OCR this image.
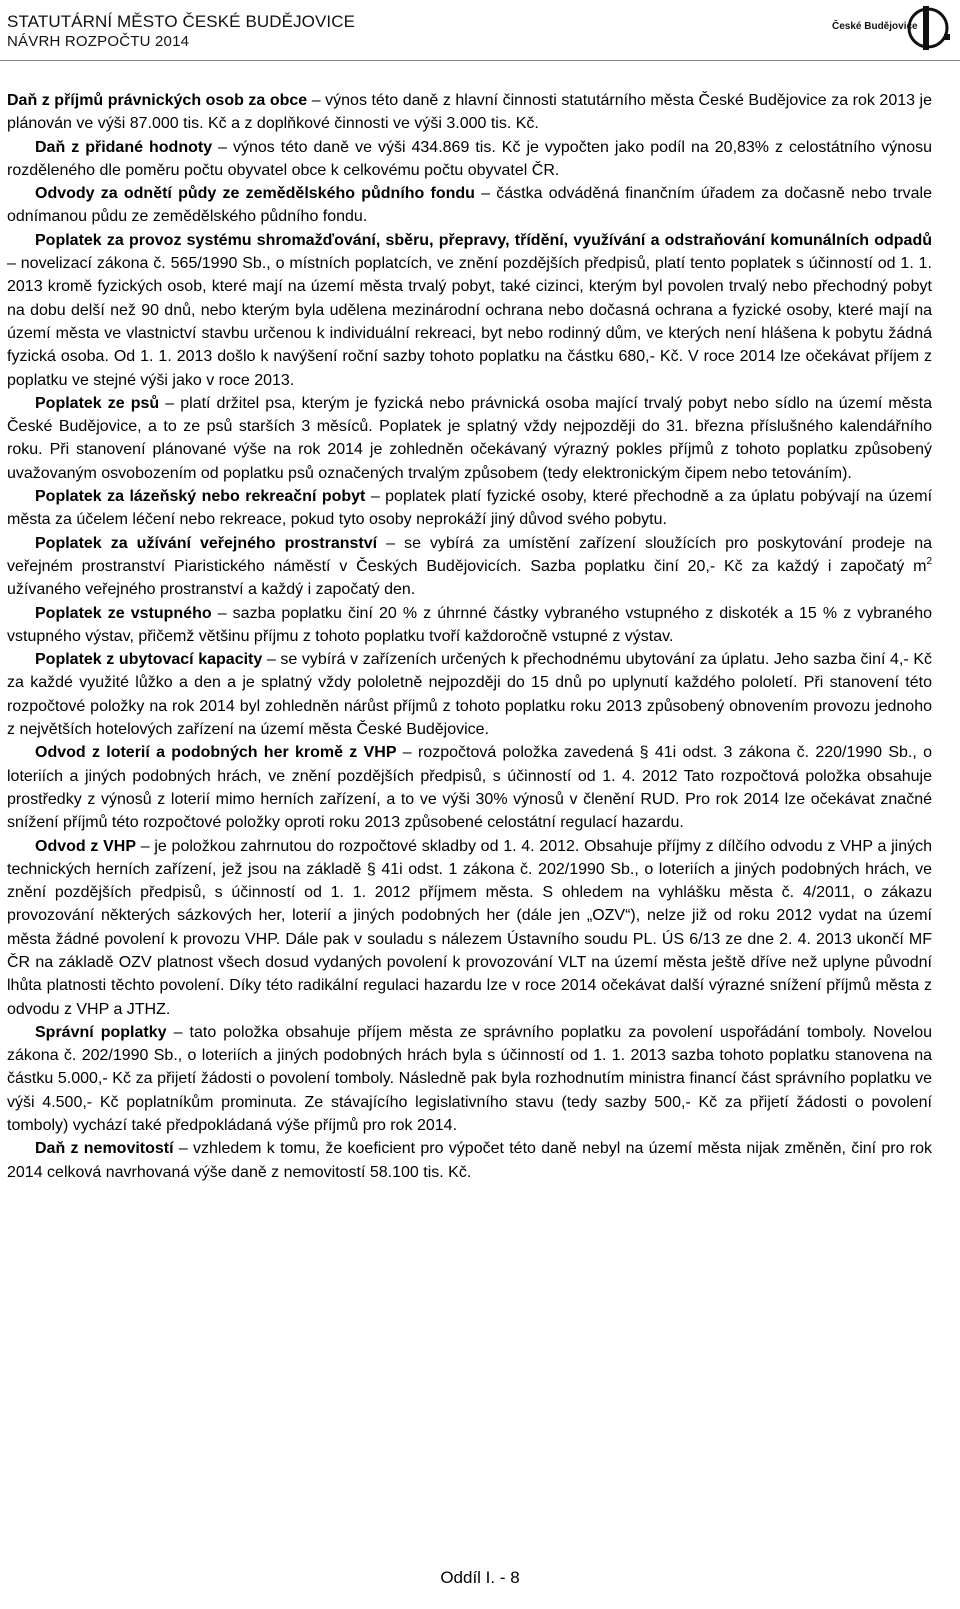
STATUTÁRNÍ MĚSTO ČESKÉ BUDĚJOVICE
NÁVRH ROZPOČTU 2014
České Budějovice

Daň z příjmů právnických osob za obce – výnos této daně z hlavní činnosti statutárního města České Budějovice za rok 2013 je plánován ve výši 87.000 tis. Kč a z doplňkové činnosti ve výši 3.000 tis. Kč.

Daň z přidané hodnoty – výnos této daně ve výši 434.869 tis. Kč je vypočten jako podíl na 20,83% z celostátního výnosu rozděleného dle poměru počtu obyvatel obce k celkovému počtu obyvatel ČR.

Odvody za odnětí půdy ze zemědělského půdního fondu – částka odváděná finančním úřadem za dočasně nebo trvale odnímanou půdu ze zemědělského půdního fondu.

Poplatek za provoz systému shromažďování, sběru, přepravy, třídění, využívání a odstraňování komunálních odpadů – novelizací zákona č. 565/1990 Sb., o místních poplatcích, ve znění pozdějších předpisů, platí tento poplatek s účinností od 1. 1. 2013 kromě fyzických osob, které mají na území města trvalý pobyt, také cizinci, kterým byl povolen trvalý nebo přechodný pobyt na dobu delší než 90 dnů, nebo kterým byla udělena mezinárodní ochrana nebo dočasná ochrana a fyzické osoby, které mají na území města ve vlastnictví stavbu určenou k individuální rekreaci, byt nebo rodinný dům, ve kterých není hlášena k pobytu žádná fyzická osoba. Od 1. 1. 2013 došlo k navýšení roční sazby tohoto poplatku na částku 680,- Kč. V roce 2014 lze očekávat příjem z poplatku ve stejné výši jako v roce 2013.

Poplatek ze psů – platí držitel psa, kterým je fyzická nebo právnická osoba mající trvalý pobyt nebo sídlo na území města České Budějovice, a to ze psů starších 3 měsíců. Poplatek je splatný vždy nejpozději do 31. března příslušného kalendářního roku. Při stanovení plánované výše na rok 2014 je zohledněn očekávaný výrazný pokles příjmů z tohoto poplatku způsobený uvažovaným osvobozením od poplatku psů označených trvalým způsobem (tedy elektronickým čipem nebo tetováním).

Poplatek za lázeňský nebo rekreační pobyt – poplatek platí fyzické osoby, které přechodně a za úplatu pobývají na území města za účelem léčení nebo rekreace, pokud tyto osoby neprokáží jiný důvod svého pobytu.

Poplatek za užívání veřejného prostranství – se vybírá za umístění zařízení sloužících pro poskytování prodeje na veřejném prostranství Piaristického náměstí v Českých Budějovicích. Sazba poplatku činí 20,- Kč za každý i započatý $m^2$ užívaného veřejného prostranství a každý i započatý den.

Poplatek ze vstupného – sazba poplatku činí 20 % z úhrnné částky vybraného vstupného z diskoték a 15 % z vybraného vstupného výstav, přičemž většinu příjmu z tohoto poplatku tvoří každoročně vstupné z výstav.

Poplatek z ubytovací kapacity – se vybírá v zařízeních určených k přechodnému ubytování za úplatu. Jeho sazba činí 4,- Kč za každé využité lůžko a den a je splatný vždy pololetně nejpozději do 15 dnů po uplynutí každého pololetí. Při stanovení této rozpočtové položky na rok 2014 byl zohledněn nárůst příjmů z tohoto poplatku roku 2013 způsobený obnovením provozu jednoho z největších hotelových zařízení na území města České Budějovice.

Odvod z loterií a podobných her kromě z VHP – rozpočtová položka zavedená § 41i odst. 3 zákona č. 220/1990 Sb., o loteriích a jiných podobných hrách, ve znění pozdějších předpisů, s účinností od 1. 4. 2012 Tato rozpočtová položka obsahuje prostředky z výnosů z loterií mimo herních zařízení, a to ve výši 30% výnosů v členění RUD. Pro rok 2014 lze očekávat značné snížení příjmů této rozpočtové položky oproti roku 2013 způsobené celostátní regulací hazardu.

Odvod z VHP – je položkou zahrnutou do rozpočtové skladby od 1. 4. 2012. Obsahuje příjmy z dílčího odvodu z VHP a jiných technických herních zařízení, jež jsou na základě § 41i odst. 1 zákona č. 202/1990 Sb., o loteriích a jiných podobných hrách, ve znění pozdějších předpisů, s účinností od 1. 1. 2012 příjmem města. S ohledem na vyhlášku města č. 4/2011, o zákazu provozování některých sázkových her, loterií a jiných podobných her (dále jen „OZV“), nelze již od roku 2012 vydat na území města žádné povolení k provozu VHP. Dále pak v souladu s nálezem Ústavního soudu PL. ÚS 6/13 ze dne 2. 4. 2013 ukončí MF ČR na základě OZV platnost všech dosud vydaných povolení k provozování VLT na území města ještě dříve než uplyne původní lhůta platnosti těchto povolení. Díky této radikální regulaci hazardu lze v roce 2014 očekávat další výrazné snížení příjmů města z odvodu z VHP a JTHZ.

Správní poplatky – tato položka obsahuje příjem města ze správního poplatku za povolení uspořádání tomboly. Novelou zákona č. 202/1990 Sb., o loteriích a jiných podobných hrách byla s účinností od 1. 1. 2013 sazba tohoto poplatku stanovena na částku 5.000,- Kč za přijetí žádosti o povolení tomboly. Následně pak byla rozhodnutím ministra financí část správního poplatku ve výši 4.500,- Kč poplatníkům prominuta. Ze stávajícího legislativního stavu (tedy sazby 500,- Kč za přijetí žádosti o povolení tomboly) vychází také předpokládaná výše příjmů pro rok 2014.

Daň z nemovitostí – vzhledem k tomu, že koeficient pro výpočet této daně nebyl na území města nijak změněn, činí pro rok 2014 celková navrhovaná výše daně z nemovitostí 58.100 tis. Kč.

Oddíl I. - 8
